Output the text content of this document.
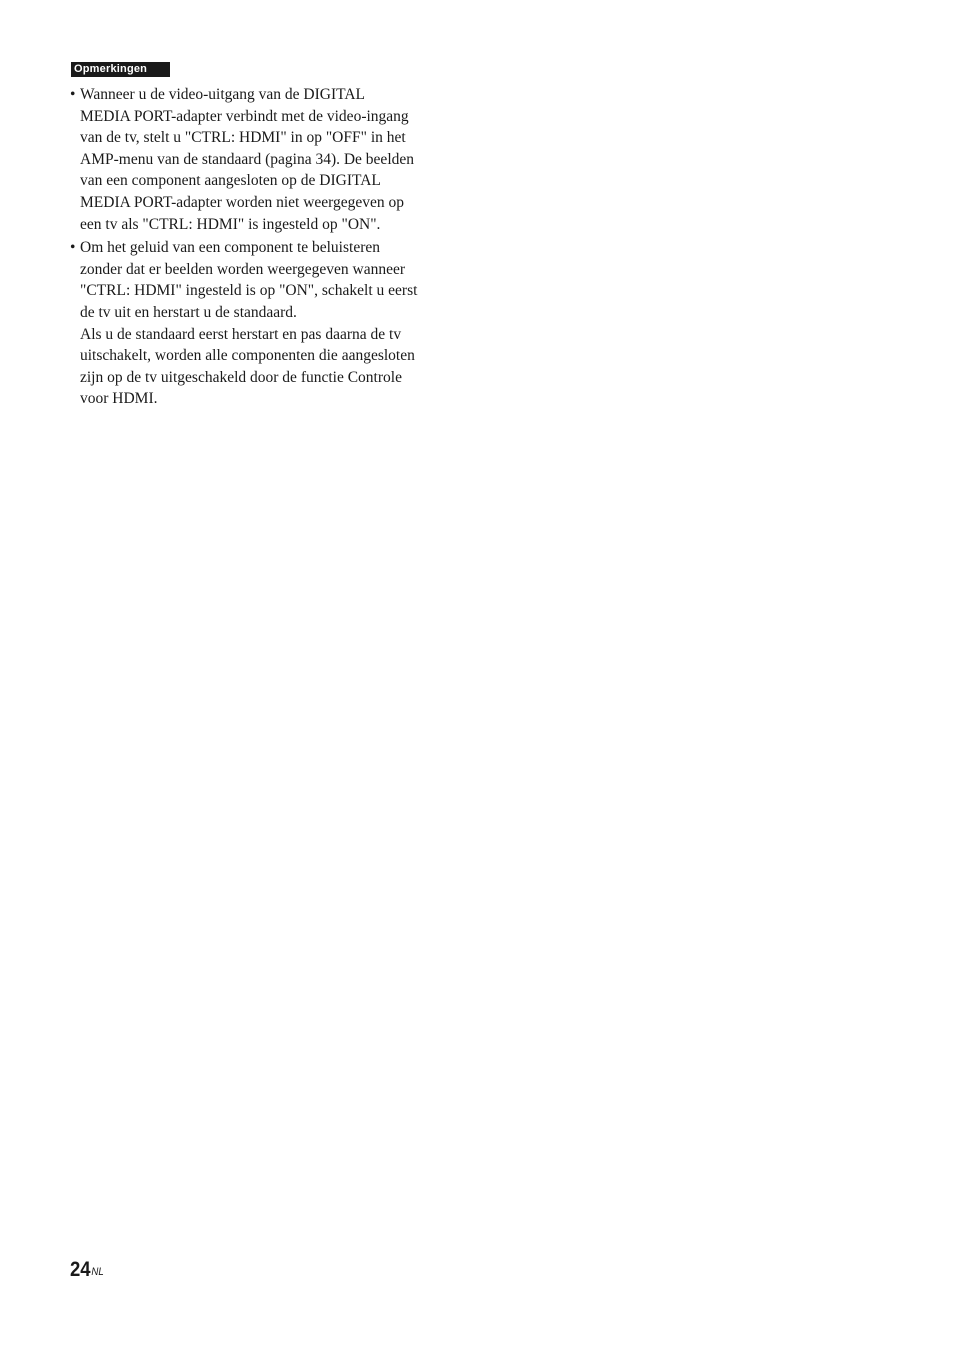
Opmerkingen
• Wanneer u de video-uitgang van de DIGITAL
MEDIA PORT-adapter verbindt met de video-ingang
van de tv, stelt u "CTRL: HDMI" in op "OFF" in het
AMP-menu van de standaard (pagina 34). De beelden
van een component aangesloten op de DIGITAL
MEDIA PORT-adapter worden niet weergegeven op
een tv als "CTRL: HDMI" is ingesteld op "ON".
• Om het geluid van een component te beluisteren
zonder dat er beelden worden weergegeven wanneer
"CTRL: HDMI" ingesteld is op "ON", schakelt u eerst
de tv uit en herstart u de standaard.
Als u de standaard eerst herstart en pas daarna de tv
uitschakelt, worden alle componenten die aangesloten
zijn op de tv uitgeschakeld door de functie Controle
voor HDMI.
$24^{NL}$
